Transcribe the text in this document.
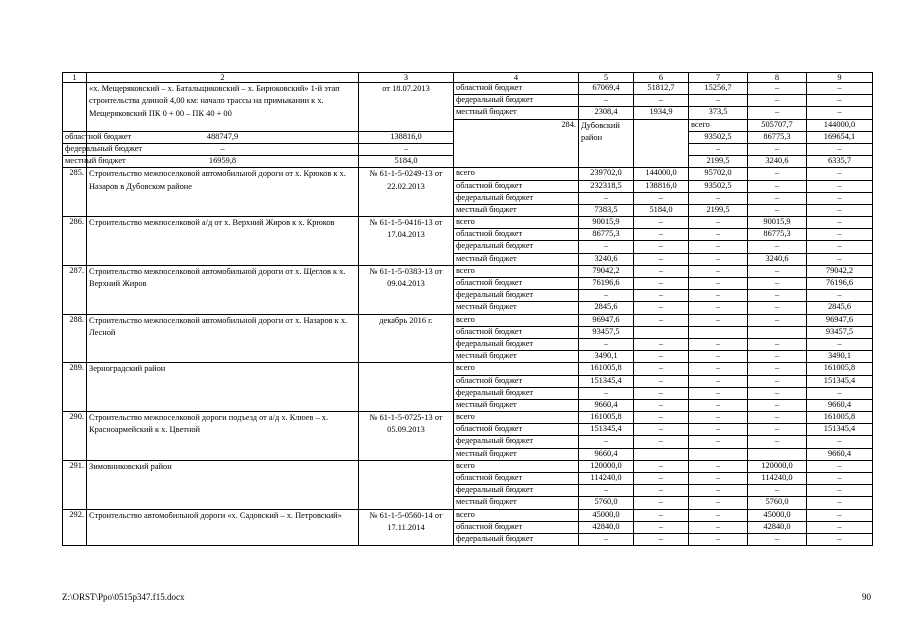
1	2	3	4	5	6	7	8	9	
	«х. Мещеряковский – х. Батальщиковский – х. Бирюковский» 1-й этап строительства длиной 4,00 км: начало трассы на примыкании к х. Мещеряковский ПК 0 + 00 – ПК 40 + 00	от 18.07.2013	областной бюджет	67069,4	51812,7	15256,7	–	–	
			федеральный бюджет	–	–	–	–	–	
			местный бюджет	2308,4	1934,9	373,5	–	–	
			284.	Дубовский район		всего	505707,7	144000,0			
областной бюджет	488747,9	138816,0				93502,5	86775,3	169654,1	
федеральный бюджет	–	–				–	–	–	
местный бюджет	16959,8	5184,0				2199,5	3240,6	6335,7	
285.	Строительство межпоселковой автомобильной дороги от х. Крюков к х. Назаров в Дубовском районе	№ 61-1-5-0249-13 от 22.02.2013	всего	239702,0	144000,0	95702,0	–	–	
			областной бюджет	232318,5	138816,0	93502,5	–	–	
			федеральный бюджет	–	–	–	–	–	
			местный бюджет	7383,5	5184,0	2199,5	–	–	
286.	Строительство межпоселковой а/д от х. Верхний Жиров к х. Крюков	№ 61-1-5-0416-13 от 17.04.2013	всего	90015,9	–	–	90015,9	–	
			областной бюджет	86775,3	–	–	86775,3	–	
			федеральный бюджет	–	–	–	–	–	
			местный бюджет	3240,6	–	–	3240,6	–	
287.	Строительство межпоселковой автомобильной дороги от х. Щеглов к х. Верхний Жиров	№ 61-1-5-0383-13 от 09.04.2013	всего	79042,2	–	–	–	79042,2	
			областной бюджет	76196,6	–	–	–	76196,6	
			федеральный бюджет	–	–	–	–	–	
			местный бюджет	2845,6	–	–	–	2845,6	
288.	Строительство межпоселковой автомобильной дороги от х. Назаров к х. Лесной	декабрь 2016 г.	всего	96947,6	–	–	–	96947,6	
			областной бюджет	93457,5				93457,5	
			федеральный бюджет	–	–	–	–	–	
			местный бюджет	3490,1	–	–	–	3490,1	
289.	Зерноградский район		всего	161005,8	–	–	–	161005,8	
			областной бюджет	151345,4	–	–	–	151345,4	
			федеральный бюджет	–	–	–	–	–	
			местный бюджет	9660,4	–	–	–	9660,4	
290.	Строительство межпоселковой дороги подъезд от а/д х. Клюев – х. Красноармейский к х. Цветной	№ 61-1-5-0725-13 от 05.09.2013	всего	161005,8	–	–	–	161005,8	
			областной бюджет	151345,4	–	–	–	151345,4	
			федеральный бюджет	–	–	–	–	–	
			местный бюджет	9660,4				9660,4	
291.	Зимовниковский район		всего	120000,0	–	–	120000,0	–	
			областной бюджет	114240,0	–	–	114240,0	–	
			федеральный бюджет	–	–	–	–	–	
			местный бюджет	5760,0	–	–	5760,0	–	
292.	Строительство автомобильной дороги «х. Садовский – х. Петровский»	№ 61-1-5-0560-14 от 17.11.2014	всего	45000,0	–	–	45000,0	–	
			областной бюджет	42840,0	–	–	42840,0	–	
			федеральный бюджет	–	–	–	–	–	
Z:\ORST\Ppo\0515p347.f15.docx	90
